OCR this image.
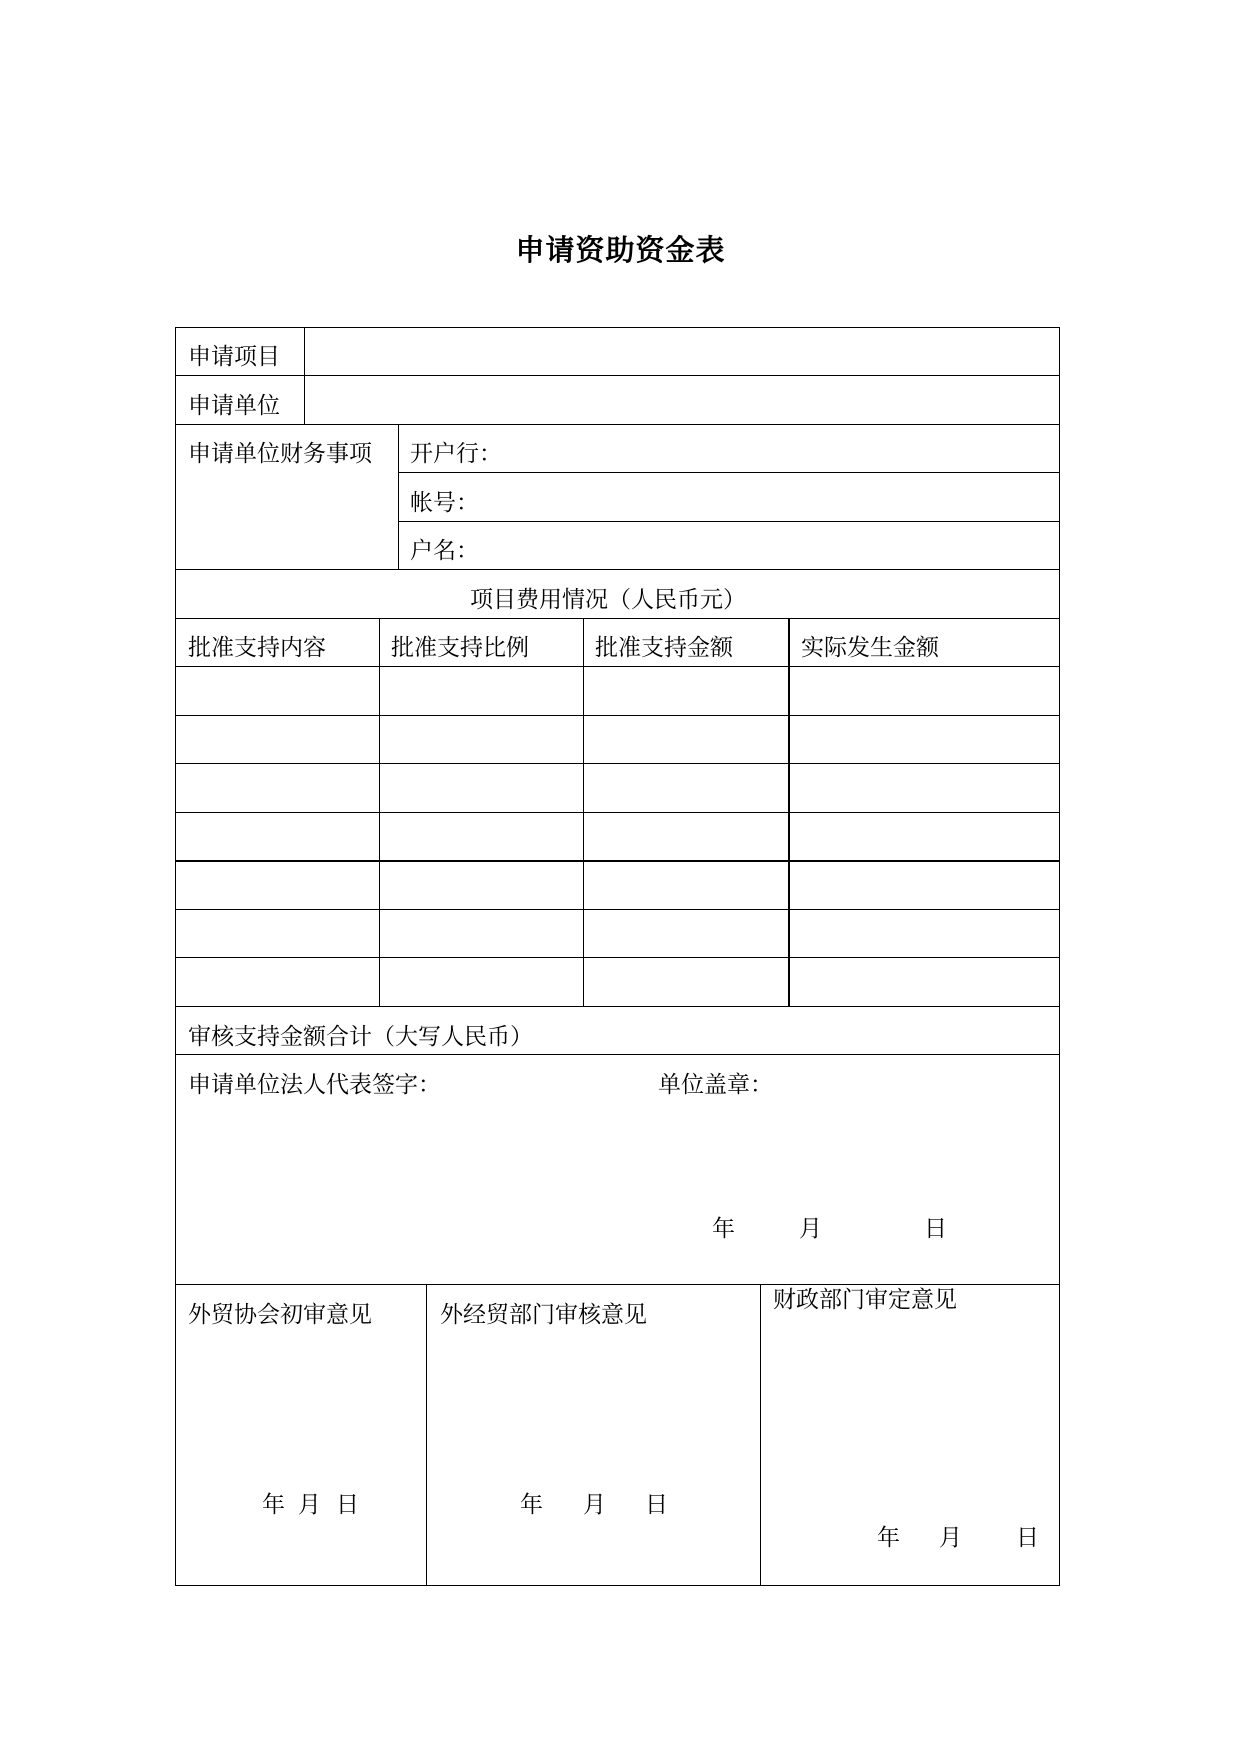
申请资助资金表
申请项目
申请单位
申请单位财务事项 开户行：
帐号：
户名：
项目费用情况（人民币元）
批准支持内容	批准支持比例	批准支持金额	实际发生金额
审核支持金额合计（大写人民币）
申请单位法人代表签字：	单位盖章：
年	月	日
外贸协会初审意见
年 月 日
外经贸部门审核意见
年 月 日
财政部门审定意见
年 月 日
